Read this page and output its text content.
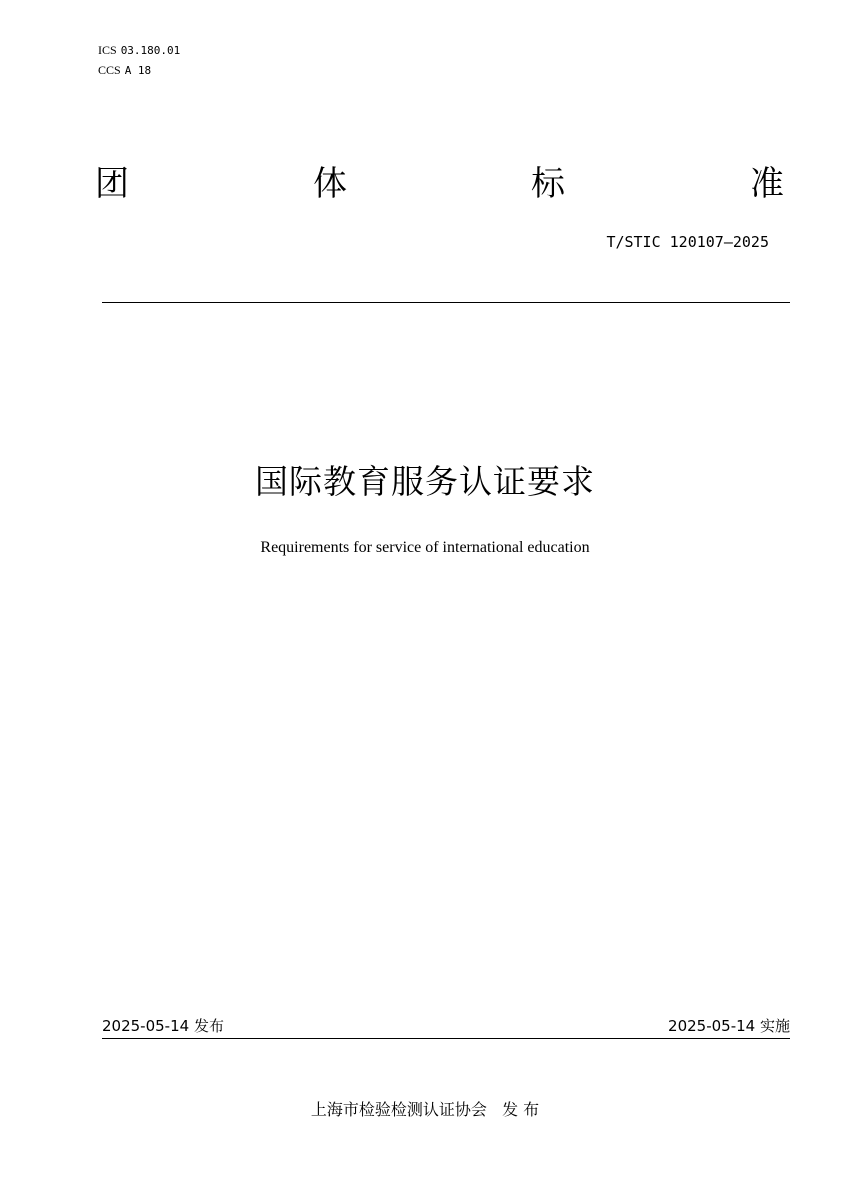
ICS 03.180.01
CCS A 18
团	体	标	准
T/STIC 120107—2025
国际教育服务认证要求
Requirements for service of international education
2025-05-14 发布	2025-05-14 实施
上海市检验检测认证协会   发 布
